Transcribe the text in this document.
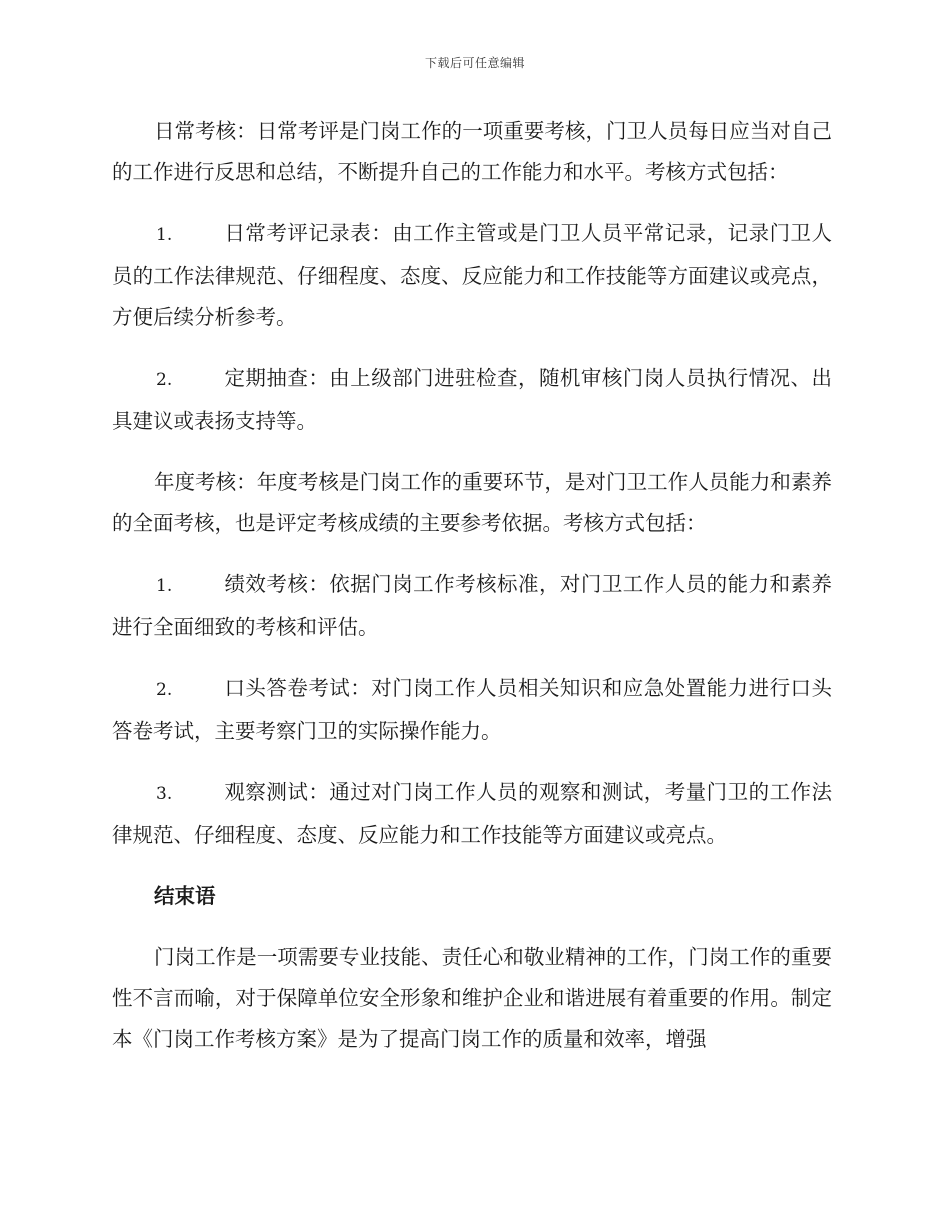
下载后可任意编辑

日常考核：日常考评是门岗工作的一项重要考核，门卫人员每日应当对自己的工作进行反思和总结，不断提升自己的工作能力和水平。考核方式包括：

1.	日常考评记录表：由工作主管或是门卫人员平常记录，记录门卫人员的工作法律规范、仔细程度、态度、反应能力和工作技能等方面建议或亮点，方便后续分析参考。

2.	定期抽查：由上级部门进驻检查，随机审核门岗人员执行情况、出具建议或表扬支持等。

年度考核：年度考核是门岗工作的重要环节，是对门卫工作人员能力和素养的全面考核，也是评定考核成绩的主要参考依据。考核方式包括：

1.	绩效考核：依据门岗工作考核标准，对门卫工作人员的能力和素养进行全面细致的考核和评估。

2.	口头答卷考试：对门岗工作人员相关知识和应急处置能力进行口头答卷考试，主要考察门卫的实际操作能力。

3.	观察测试：通过对门岗工作人员的观察和测试，考量门卫的工作法律规范、仔细程度、态度、反应能力和工作技能等方面建议或亮点。

结束语

门岗工作是一项需要专业技能、责任心和敬业精神的工作，门岗工作的重要性不言而喻，对于保障单位安全形象和维护企业和谐进展有着重要的作用。制定本《门岗工作考核方案》是为了提高门岗工作的质量和效率，增强
